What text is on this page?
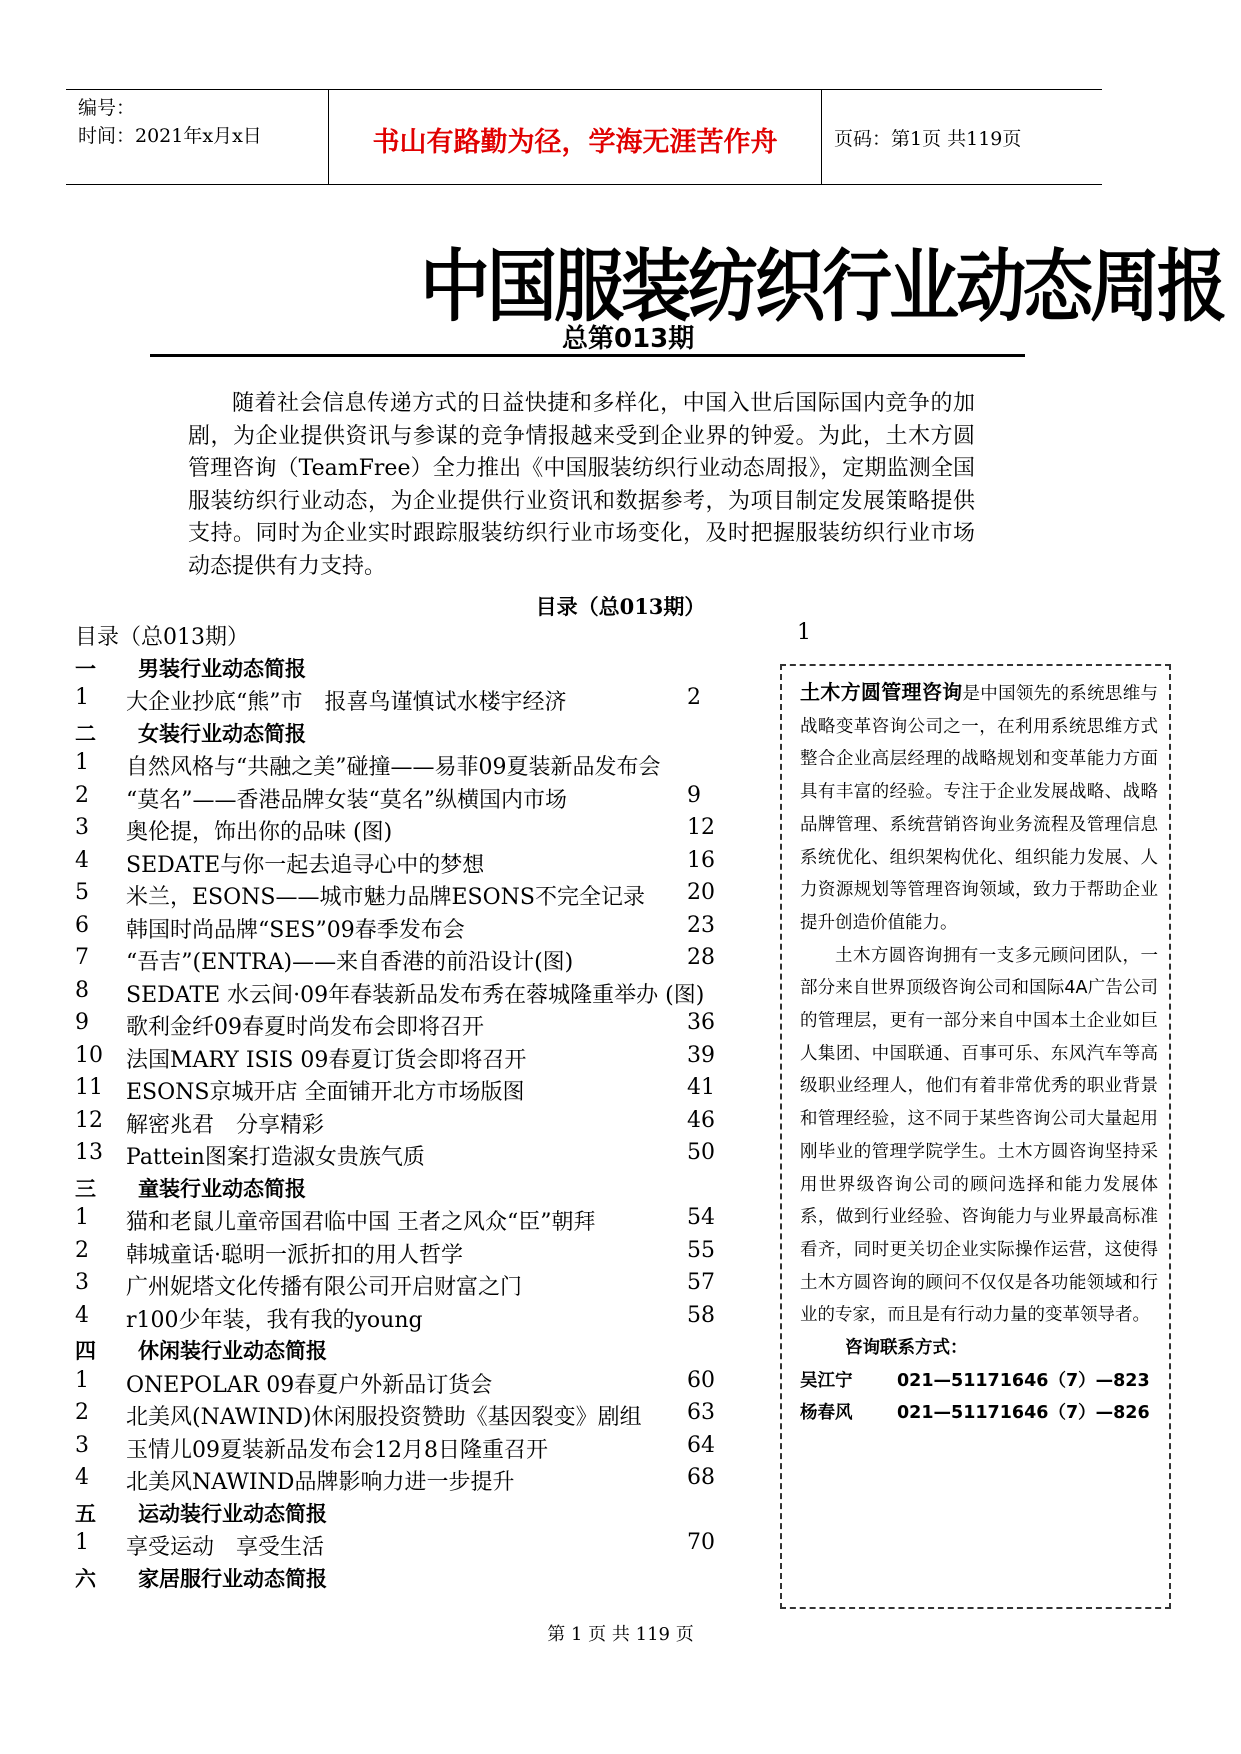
编号：
时间：2021年x月x日	书山有路勤为径，学海无涯苦作舟	页码：第1页 共119页
中国服装纺织行业动态周报
总第013期

随着社会信息传递方式的日益快捷和多样化，中国入世后国际国内竞争的加剧，为企业提供资讯与参谋的竞争情报越来受到企业界的钟爱。为此，土木方圆管理咨询（TeamFree）全力推出《中国服装纺织行业动态周报》，定期监测全国服装纺织行业动态，为企业提供行业资讯和数据参考，为项目制定发展策略提供支持。同时为企业实时跟踪服装纺织行业市场变化，及时把握服装纺织行业市场动态提供有力支持。

目录（总013期）
目录（总013期）	1
一 男装行业动态简报
1 大企业抄底“熊”市　报喜鸟谨慎试水楼宇经济	2
二 女装行业动态简报
1 自然风格与“共融之美”碰撞——易菲09夏装新品发布会
2 “莫名”——香港品牌女装“莫名”纵横国内市场	9
3 奥伦提，饰出你的品味 (图)	12
4 SEDATE与你一起去追寻心中的梦想	16
5 米兰，ESONS——城市魅力品牌ESONS不完全记录 20
6 韩国时尚品牌“SES”09春季发布会	23
7 “吾吉”(ENTRA)——来自香港的前沿设计(图)	28
8 SEDATE 水云间·09年春装新品发布秀在蓉城隆重举办 (图)
9 歌利金纤09春夏时尚发布会即将召开	36
10 法国MARY ISIS 09春夏订货会即将召开	39
11 ESONS京城开店 全面铺开北方市场版图	41
12 解密兆君　分享精彩	46
13 Pattein图案打造淑女贵族气质	50
三 童装行业动态简报
1 猫和老鼠儿童帝国君临中国 王者之风众“臣”朝拜	54
2 韩城童话·聪明一派折扣的用人哲学	55
3 广州妮塔文化传播有限公司开启财富之门	57
4 r100少年装，我有我的young	58
四 休闲装行业动态简报
1 ONEPOLAR 09春夏户外新品订货会	60
2 北美风(NAWIND)休闲服投资赞助《基因裂变》剧组 63
3 玉情儿09夏装新品发布会12月8日隆重召开	64
4 北美风NAWIND品牌影响力进一步提升	68
五 运动装行业动态简报
1 享受运动　享受生活	70
六 家居服行业动态简报

土木方圆管理咨询是中国领先的系统思维与战略变革咨询公司之一，在利用系统思维方式整合企业高层经理的战略规划和变革能力方面具有丰富的经验。专注于企业发展战略、战略品牌管理、系统营销咨询业务流程及管理信息系统优化、组织架构优化、组织能力发展、人力资源规划等管理咨询领域，致力于帮助企业提升创造价值能力。

土木方圆咨询拥有一支多元顾问团队，一部分来自世界顶级咨询公司和国际4A广告公司的管理层，更有一部分来自中国本土企业如巨人集团、中国联通、百事可乐、东风汽车等高级职业经理人，他们有着非常优秀的职业背景和管理经验，这不同于某些咨询公司大量起用刚毕业的管理学院学生。土木方圆咨询坚持采用世界级咨询公司的顾问选择和能力发展体系，做到行业经验、咨询能力与业界最高标准看齐，同时更关切企业实际操作运营，这使得土木方圆咨询的顾问不仅仅是各功能领域和行业的专家，而且是有行动力量的变革领导者。

咨询联系方式：

吴江宁	021—51171646（7）—823

杨春风	021—51171646（7）—826

第 1 页 共 119 页
